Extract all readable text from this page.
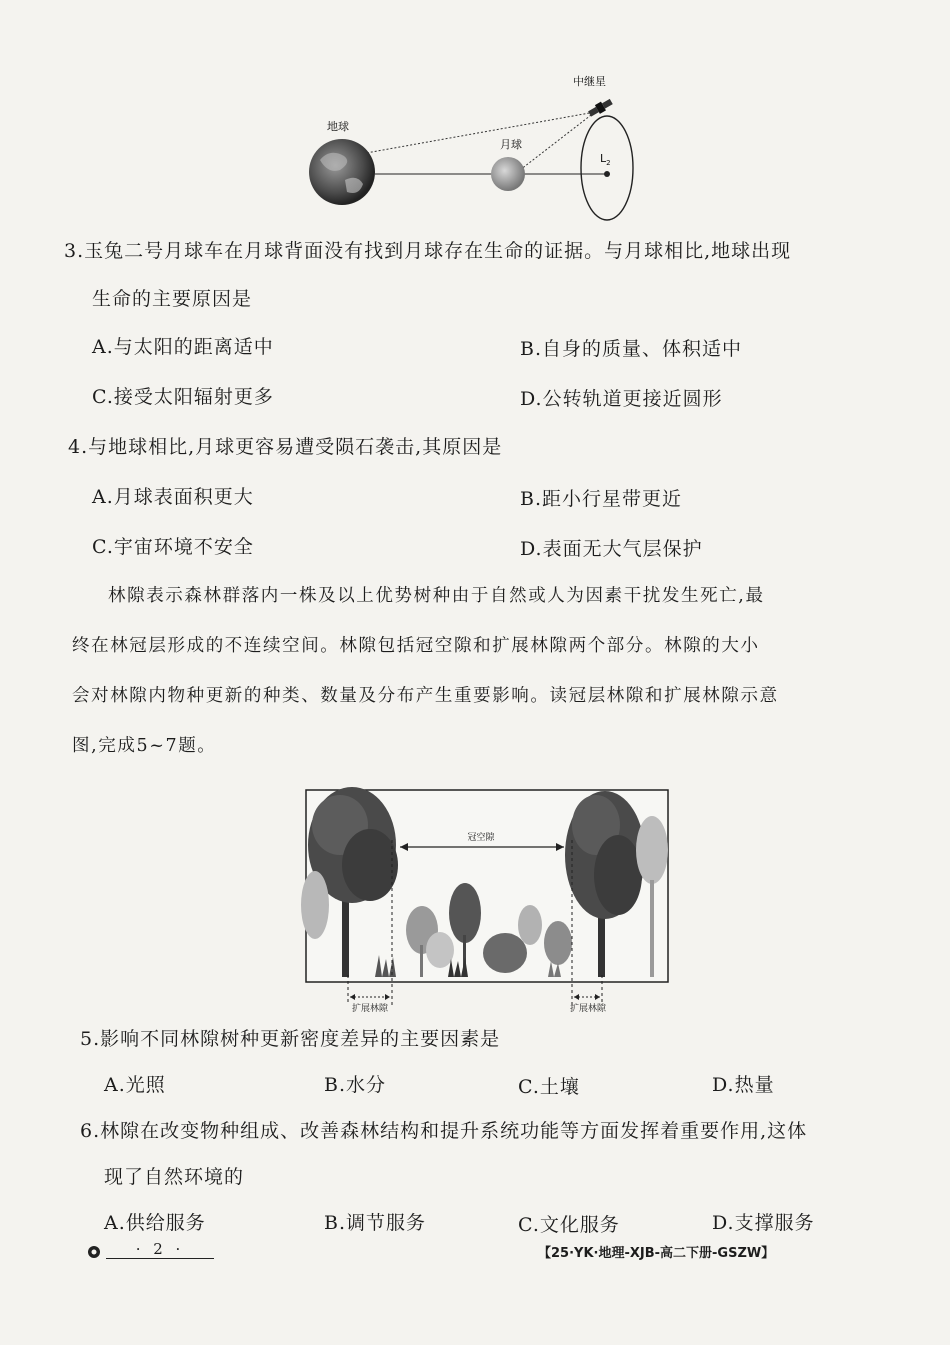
地球
月球
中继星
$L_2$
3.玉兔二号月球车在月球背面没有找到月球存在生命的证据。与月球相比,地球出现
生命的主要原因是
A.与太阳的距离适中	B.自身的质量、体积适中
C.接受太阳辐射更多	D.公转轨道更接近圆形
4.与地球相比,月球更容易遭受陨石袭击,其原因是
A.月球表面积更大	B.距小行星带更近
C.宇宙环境不安全	D.表面无大气层保护
林隙表示森林群落内一株及以上优势树种由于自然或人为因素干扰发生死亡,最
终在林冠层形成的不连续空间。林隙包括冠空隙和扩展林隙两个部分。林隙的大小
会对林隙内物种更新的种类、数量及分布产生重要影响。读冠层林隙和扩展林隙示意
图,完成5~7题。
冠空隙
扩展林隙	扩展林隙
5.影响不同林隙树种更新密度差异的主要因素是
A.光照	B.水分	C.土壤	D.热量
6.林隙在改变物种组成、改善森林结构和提升系统功能等方面发挥着重要作用,这体
现了自然环境的
A.供给服务	B.调节服务	C.文化服务	D.支撑服务
· 2 ·	【25·YK·地理-XJB-高二下册-GSZW】
